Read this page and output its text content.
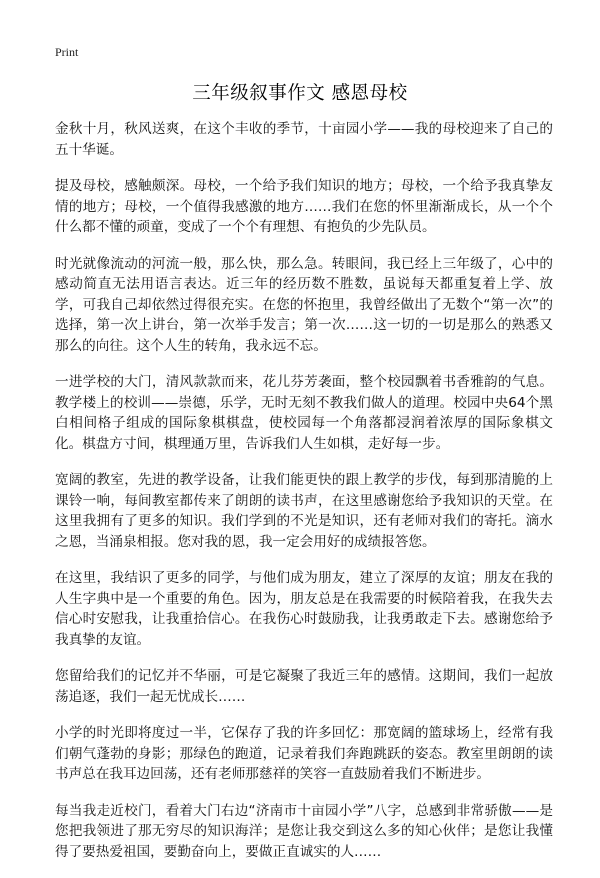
Print
三年级叙事作文 感恩母校

金秋十月，秋风送爽，在这个丰收的季节，十亩园小学——我的母校迎来了自己的五十华诞。

提及母校，感触颇深。母校，一个给予我们知识的地方；母校，一个给予我真挚友情的地方；母校，一个值得我感激的地方……我们在您的怀里渐渐成长，从一个个什么都不懂的顽童，变成了一个个有理想、有抱负的少先队员。

时光就像流动的河流一般，那么快，那么急。转眼间，我已经上三年级了，心中的感动简直无法用语言表达。近三年的经历数不胜数，虽说每天都重复着上学、放学，可我自己却依然过得很充实。在您的怀抱里，我曾经做出了无数个“第一次”的选择，第一次上讲台，第一次举手发言；第一次……这一切的一切是那么的熟悉又那么的向往。这个人生的转角，我永远不忘。

一进学校的大门，清风款款而来，花儿芬芳袭面，整个校园飘着书香雅韵的气息。教学楼上的校训——崇德，乐学，无时无刻不教我们做人的道理。校园中央64个黑白相间格子组成的国际象棋棋盘，使校园每一个角落都浸润着浓厚的国际象棋文化。棋盘方寸间，棋理通万里，告诉我们人生如棋，走好每一步。

宽阔的教室，先进的教学设备，让我们能更快的跟上教学的步伐，每到那清脆的上课铃一响，每间教室都传来了朗朗的读书声，在这里感谢您给予我知识的天堂。在这里我拥有了更多的知识。我们学到的不光是知识，还有老师对我们的寄托。滴水之恩，当涌泉相报。您对我的恩，我一定会用好的成绩报答您。

在这里，我结识了更多的同学，与他们成为朋友，建立了深厚的友谊；朋友在我的人生字典中是一个重要的角色。因为，朋友总是在我需要的时候陪着我，在我失去信心时安慰我，让我重拾信心。在我伤心时鼓励我，让我勇敢走下去。感谢您给予我真挚的友谊。

您留给我们的记忆并不华丽，可是它凝聚了我近三年的感情。这期间，我们一起放荡追逐，我们一起无忧成长……

小学的时光即将度过一半，它保存了我的许多回忆：那宽阔的篮球场上，经常有我们朝气蓬勃的身影；那绿色的跑道，记录着我们奔跑跳跃的姿态。教室里朗朗的读书声总在我耳边回荡，还有老师那慈祥的笑容一直鼓励着我们不断进步。

每当我走近校门，看着大门右边“济南市十亩园小学”八字，总感到非常骄傲——是您把我领进了那无穷尽的知识海洋；是您让我交到这么多的知心伙伴；是您让我懂得了要热爱祖国，要勤奋向上，要做正直诚实的人……
